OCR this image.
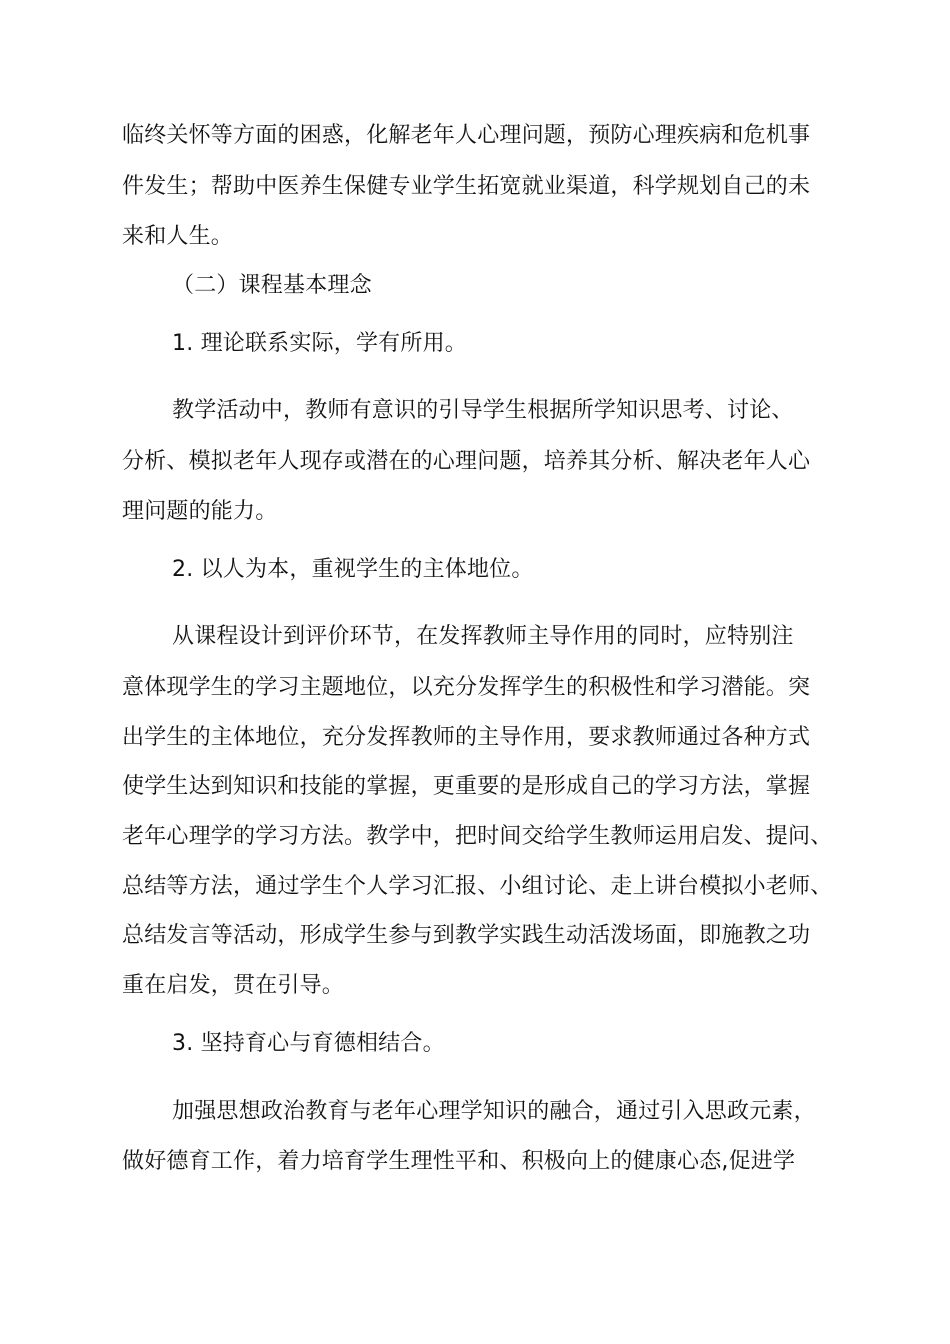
临终关怀等方面的困惑，化解老年人心理问题，预防心理疾病和危机事
件发生；帮助中医养生保健专业学生拓宽就业渠道，科学规划自己的未
来和人生。
（二）课程基本理念
1. 理论联系实际，学有所用。
教学活动中，教师有意识的引导学生根据所学知识思考、讨论、
分析、模拟老年人现存或潜在的心理问题，培养其分析、解决老年人心
理问题的能力。
2. 以人为本，重视学生的主体地位。
从课程设计到评价环节，在发挥教师主导作用的同时，应特别注
意体现学生的学习主题地位，以充分发挥学生的积极性和学习潜能。突
出学生的主体地位，充分发挥教师的主导作用，要求教师通过各种方式
使学生达到知识和技能的掌握，更重要的是形成自己的学习方法，掌握
老年心理学的学习方法。教学中，把时间交给学生教师运用启发、提问、
总结等方法，通过学生个人学习汇报、小组讨论、走上讲台模拟小老师、
总结发言等活动，形成学生参与到教学实践生动活泼场面，即施教之功
重在启发，贯在引导。
3. 坚持育心与育德相结合。
加强思想政治教育与老年心理学知识的融合，通过引入思政元素，
做好德育工作，着力培育学生理性平和、积极向上的健康心态,促进学
